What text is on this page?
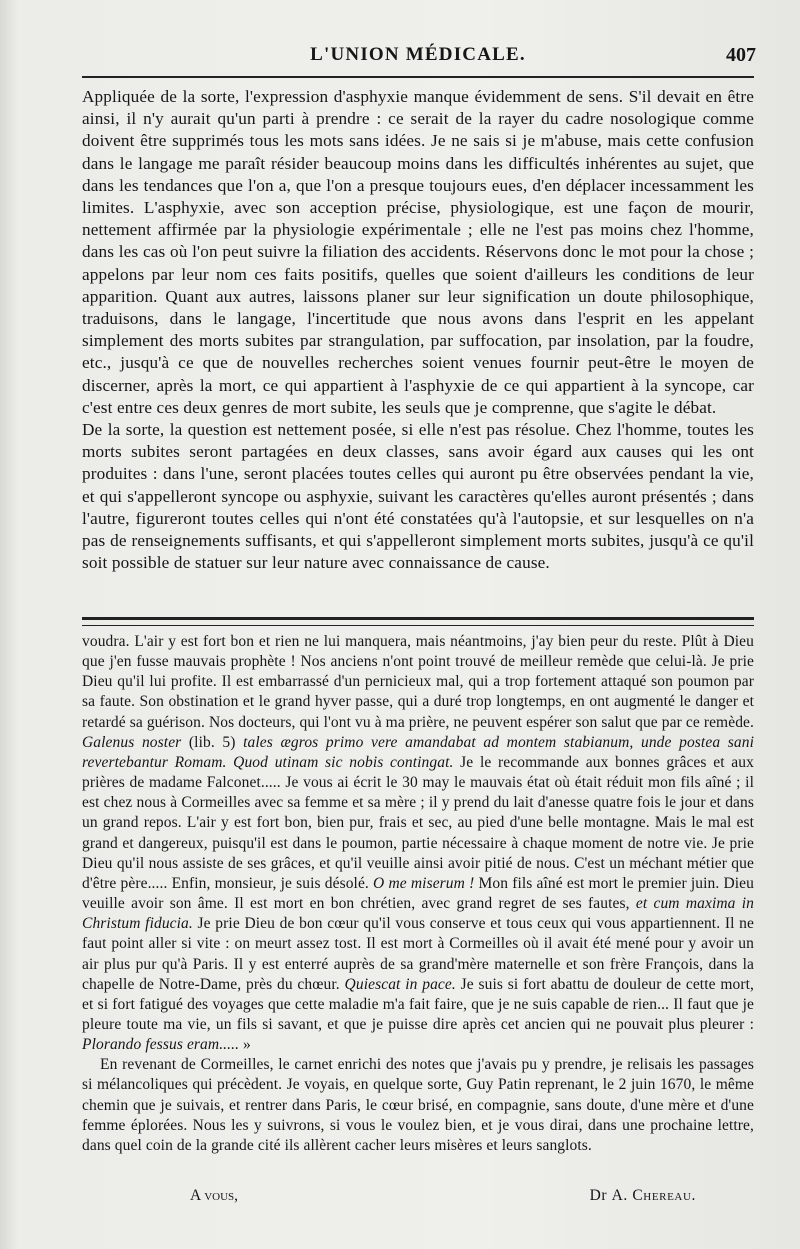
L'UNION MÉDICALE.	407

Appliquée de la sorte, l'expression d'asphyxie manque évidemment de sens. S'il devait en être ainsi, il n'y aurait qu'un parti à prendre : ce serait de la rayer du cadre nosologique comme doivent être supprimés tous les mots sans idées. Je ne sais si je m'abuse, mais cette confusion dans le langage me paraît résider beaucoup moins dans les difficultés inhérentes au sujet, que dans les tendances que l'on a, que l'on a presque toujours eues, d'en déplacer incessamment les limites. L'asphyxie, avec son acception précise, physiologique, est une façon de mourir, nettement affirmée par la physiologie expérimentale ; elle ne l'est pas moins chez l'homme, dans les cas où l'on peut suivre la filiation des accidents. Réservons donc le mot pour la chose ; appelons par leur nom ces faits positifs, quelles que soient d'ailleurs les conditions de leur apparition. Quant aux autres, laissons planer sur leur signification un doute philosophique, traduisons, dans le langage, l'incertitude que nous avons dans l'esprit en les appelant simplement des morts subites par strangulation, par suffocation, par insolation, par la foudre, etc., jusqu'à ce que de nouvelles recherches soient venues fournir peut-être le moyen de discerner, après la mort, ce qui appartient à l'asphyxie de ce qui appartient à la syncope, car c'est entre ces deux genres de mort subite, les seuls que je comprenne, que s'agite le débat.

De la sorte, la question est nettement posée, si elle n'est pas résolue. Chez l'homme, toutes les morts subites seront partagées en deux classes, sans avoir égard aux causes qui les ont produites : dans l'une, seront placées toutes celles qui auront pu être observées pendant la vie, et qui s'appelleront syncope ou asphyxie, suivant les caractères qu'elles auront présentés ; dans l'autre, figureront toutes celles qui n'ont été constatées qu'à l'autopsie, et sur lesquelles on n'a pas de renseignements suffisants, et qui s'appelleront simplement morts subites, jusqu'à ce qu'il soit possible de statuer sur leur nature avec connaissance de cause.

voudra. L'air y est fort bon et rien ne lui manquera, mais néantmoins, j'ay bien peur du reste. Plût à Dieu que j'en fusse mauvais prophète ! Nos anciens n'ont point trouvé de meilleur remède que celui-là. Je prie Dieu qu'il lui profite. Il est embarrassé d'un pernicieux mal, qui a trop fortement attaqué son poumon par sa faute. Son obstination et le grand hyver passe, qui a duré trop longtemps, en ont augmenté le danger et retardé sa guérison. Nos docteurs, qui l'ont vu à ma prière, ne peuvent espérer son salut que par ce remède. Galenus noster (lib. 5) tales ægros primo vere amandabat ad montem stabianum, unde postea sani revertebantur Romam. Quod utinam sic nobis contingat. Je le recommande aux bonnes grâces et aux prières de madame Falconet..... Je vous ai écrit le 30 may le mauvais état où était réduit mon fils aîné ; il est chez nous à Cormeilles avec sa femme et sa mère ; il y prend du lait d'anesse quatre fois le jour et dans un grand repos. L'air y est fort bon, bien pur, frais et sec, au pied d'une belle montagne. Mais le mal est grand et dangereux, puisqu'il est dans le poumon, partie nécessaire à chaque moment de notre vie. Je prie Dieu qu'il nous assiste de ses grâces, et qu'il veuille ainsi avoir pitié de nous. C'est un méchant métier que d'être père..... Enfin, monsieur, je suis désolé. O me miserum ! Mon fils aîné est mort le premier juin. Dieu veuille avoir son âme. Il est mort en bon chrétien, avec grand regret de ses fautes, et cum maxima in Christum fiducia. Je prie Dieu de bon cœur qu'il vous conserve et tous ceux qui vous appartiennent. Il ne faut point aller si vite : on meurt assez tost. Il est mort à Cormeilles où il avait été mené pour y avoir un air plus pur qu'à Paris. Il y est enterré auprès de sa grand'mère maternelle et son frère François, dans la chapelle de Notre-Dame, près du chœur. Quiescat in pace. Je suis si fort abattu de douleur de cette mort, et si fort fatigué des voyages que cette maladie m'a fait faire, que je ne suis capable de rien... Il faut que je pleure toute ma vie, un fils si savant, et que je puisse dire après cet ancien qui ne pouvait plus pleurer : Plorando fessus eram..... »

En revenant de Cormeilles, le carnet enrichi des notes que j'avais pu y prendre, je relisais les passages si mélancoliques qui précèdent. Je voyais, en quelque sorte, Guy Patin reprenant, le 2 juin 1670, le même chemin que je suivais, et rentrer dans Paris, le cœur brisé, en compagnie, sans doute, d'une mère et d'une femme éplorées. Nous les y suivrons, si vous le voulez bien, et je vous dirai, dans une prochaine lettre, dans quel coin de la grande cité ils allèrent cacher leurs misères et leurs sanglots.

A vous,	Dr A. Chereau.
